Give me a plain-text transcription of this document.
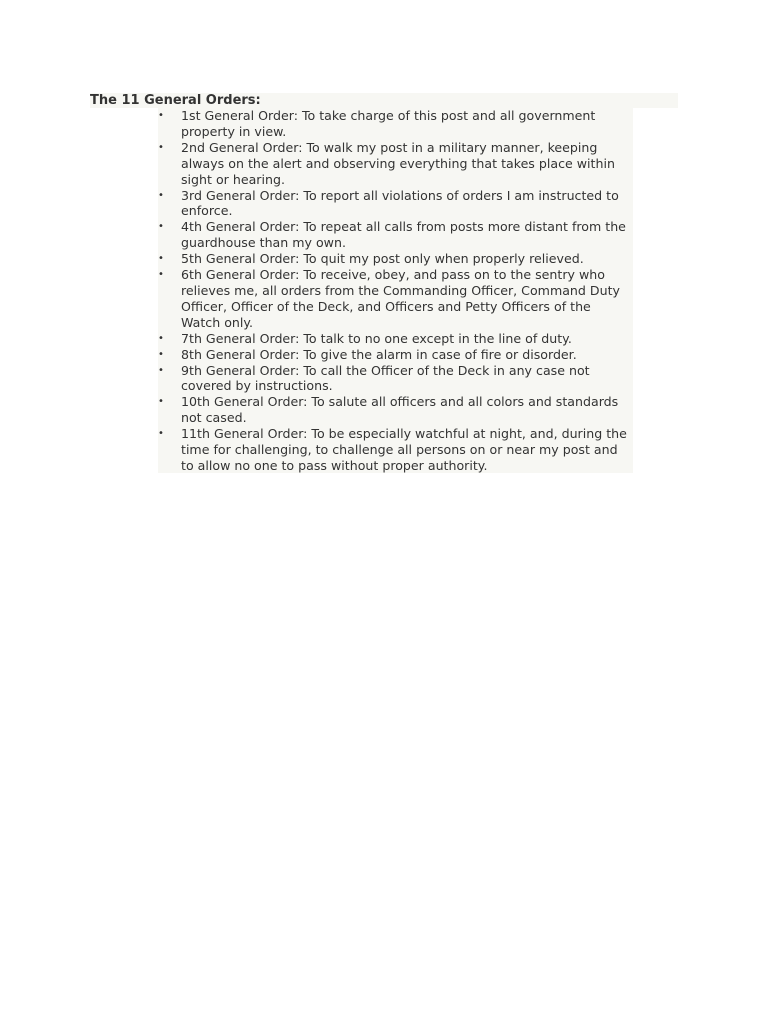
The 11 General Orders:
• 1st General Order: To take charge of this post and all government property in view.
• 2nd General Order: To walk my post in a military manner, keeping always on the alert and observing everything that takes place within sight or hearing.
• 3rd General Order: To report all violations of orders I am instructed to enforce.
• 4th General Order: To repeat all calls from posts more distant from the guardhouse than my own.
• 5th General Order: To quit my post only when properly relieved.
• 6th General Order: To receive, obey, and pass on to the sentry who relieves me, all orders from the Commanding Officer, Command Duty Officer, Officer of the Deck, and Officers and Petty Officers of the Watch only.
• 7th General Order: To talk to no one except in the line of duty.
• 8th General Order: To give the alarm in case of fire or disorder.
• 9th General Order: To call the Officer of the Deck in any case not covered by instructions.
• 10th General Order: To salute all officers and all colors and standards not cased.
• 11th General Order: To be especially watchful at night, and, during the time for challenging, to challenge all persons on or near my post and to allow no one to pass without proper authority.
